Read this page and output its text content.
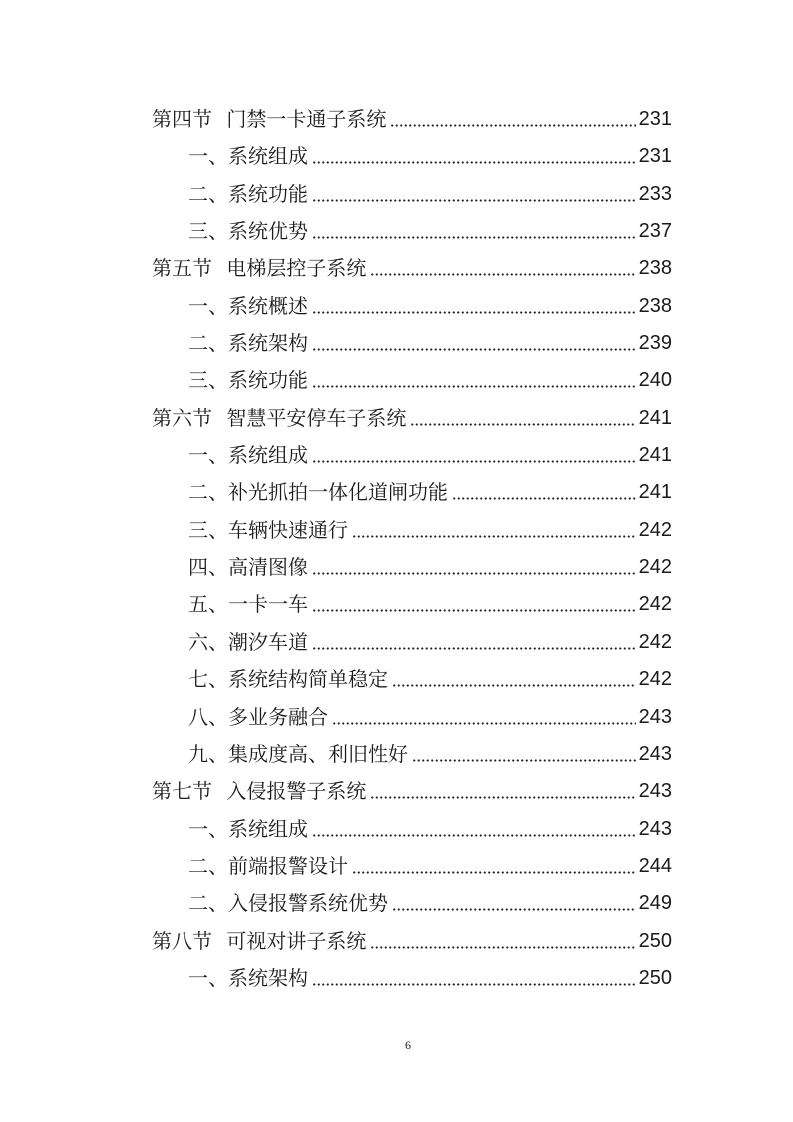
第四节 门禁一卡通子系统	231
一、系统组成	231
二、系统功能	233
三、系统优势	237
第五节 电梯层控子系统	238
一、系统概述	238
二、系统架构	239
三、系统功能	240
第六节 智慧平安停车子系统	241
一、系统组成	241
二、补光抓拍一体化道闸功能	241
三、车辆快速通行	242
四、高清图像	242
五、一卡一车	242
六、潮汐车道	242
七、系统结构简单稳定	242
八、多业务融合	243
九、集成度高、利旧性好	243
第七节 入侵报警子系统	243
一、系统组成	243
二、前端报警设计	244
二、入侵报警系统优势	249
第八节 可视对讲子系统	250
一、系统架构	250
6
